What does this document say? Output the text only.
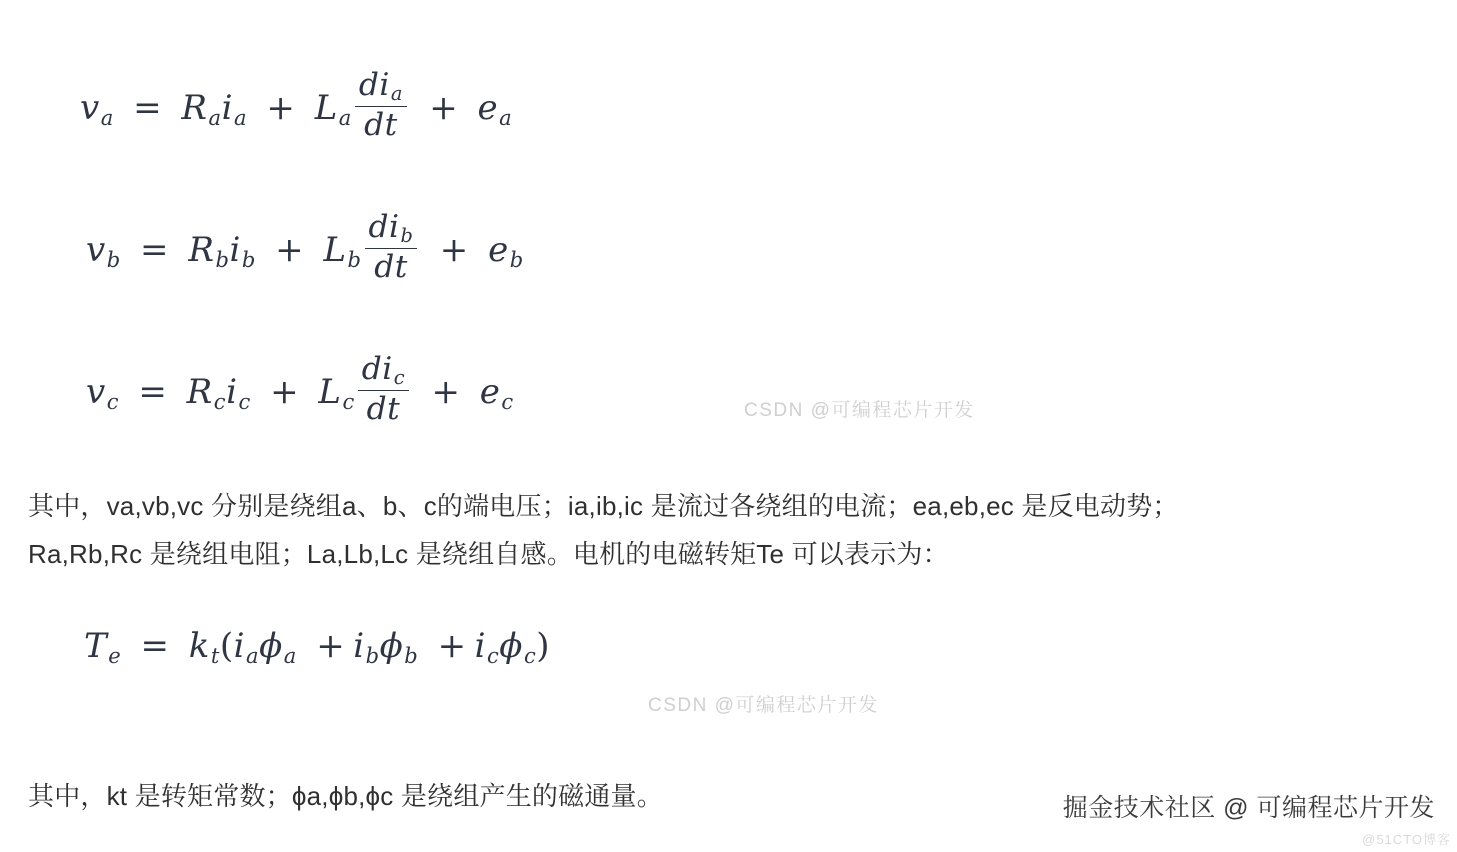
$v_a = R_ai_a + L_a \frac{di_a}{dt} + e_a$
$v_b = R_bi_b + L_b \frac{di_b}{dt} + e_b$
$v_c = R_ci_c + L_c \frac{di_c}{dt} + e_c$	CSDN @可编程芯片开发
其中，va,vb,vc 分别是绕组a、b、c的端电压；ia,ib,ic 是流过各绕组的电流；ea,eb,ec 是反电动势；
Ra,Rb,Rc 是绕组电阻；La,Lb,Lc 是绕组自感。电机的电磁转矩Te 可以表示为：
$T_e = k_t(i_a\phi_a + i_b\phi_b + i_c\phi_c)$
CSDN @可编程芯片开发
其中，kt 是转矩常数；ϕa,ϕb,ϕc 是绕组产生的磁通量。	掘金技术社区 @ 可编程芯片开发
@51CTO博客
